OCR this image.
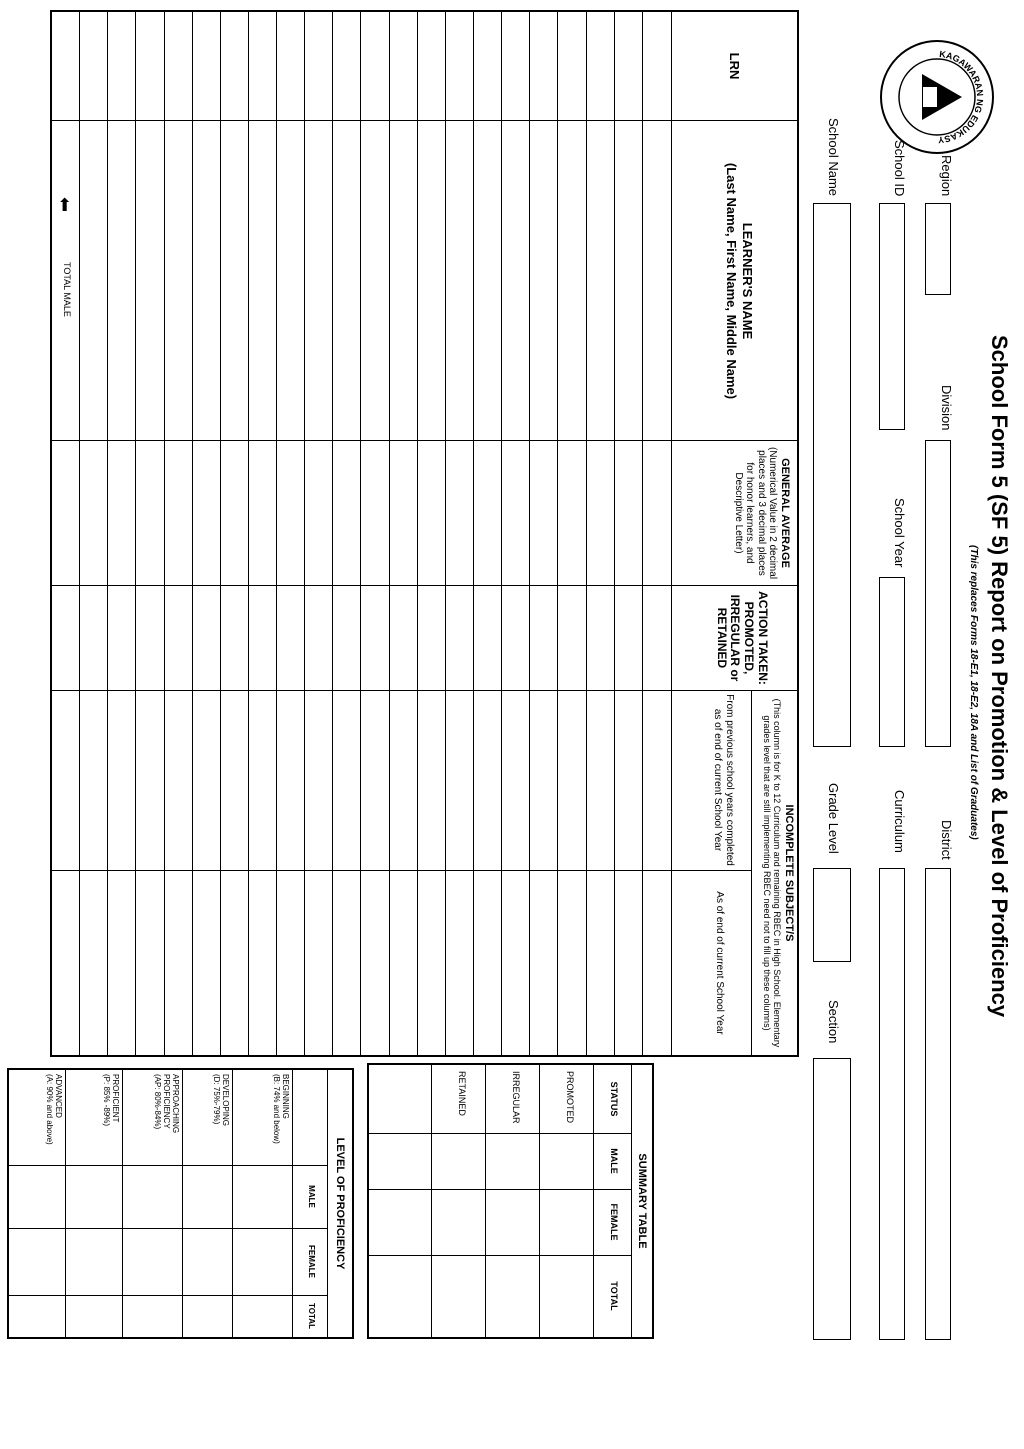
KAGAWARAN NG EDUKASY
School Form 5 (SF 5) Report on Promotion & Level of Proficiency
(This replaces Forms 18-E1, 18-E2, 18A and List of Graduates)
Region
Division
District
School ID
School Year
Curriculum
School Name
Grade Level
Section
LRN
LEARNER'S NAME
(Last Name, First Name, Middle Name)
GENERAL AVERAGE
(Numerical Value in 2 decimal places and 3 decimal places for honor learners, and Descriptive Letter)
ACTION TAKEN: PROMOTED, IRREGULAR or RETAINED
INCOMPLETE SUBJECT/S
(This column is for K to 12 Curriculum and remaining RBEC in High School. Elementary grades level that are still implementing RBEC need not to fill up these columns)
From previous school years completed as of end of current School Year
As of end of current School Year
⬅
TOTAL MALE
SUMMARY TABLE
STATUS
MALE
FEMALE
TOTAL
PROMOTED
IRREGULAR
RETAINED
LEVEL OF PROFICIENCY
MALE
FEMALE
TOTAL
BEGINNING
(B: 74% and below)
DEVELOPING
(D: 75%-79%)
APPROACHING PROFICIENCY
(AP: 80%-84%)
PROFICIENT
(P: 85% -89%)
ADVANCED
(A: 90% and above)
